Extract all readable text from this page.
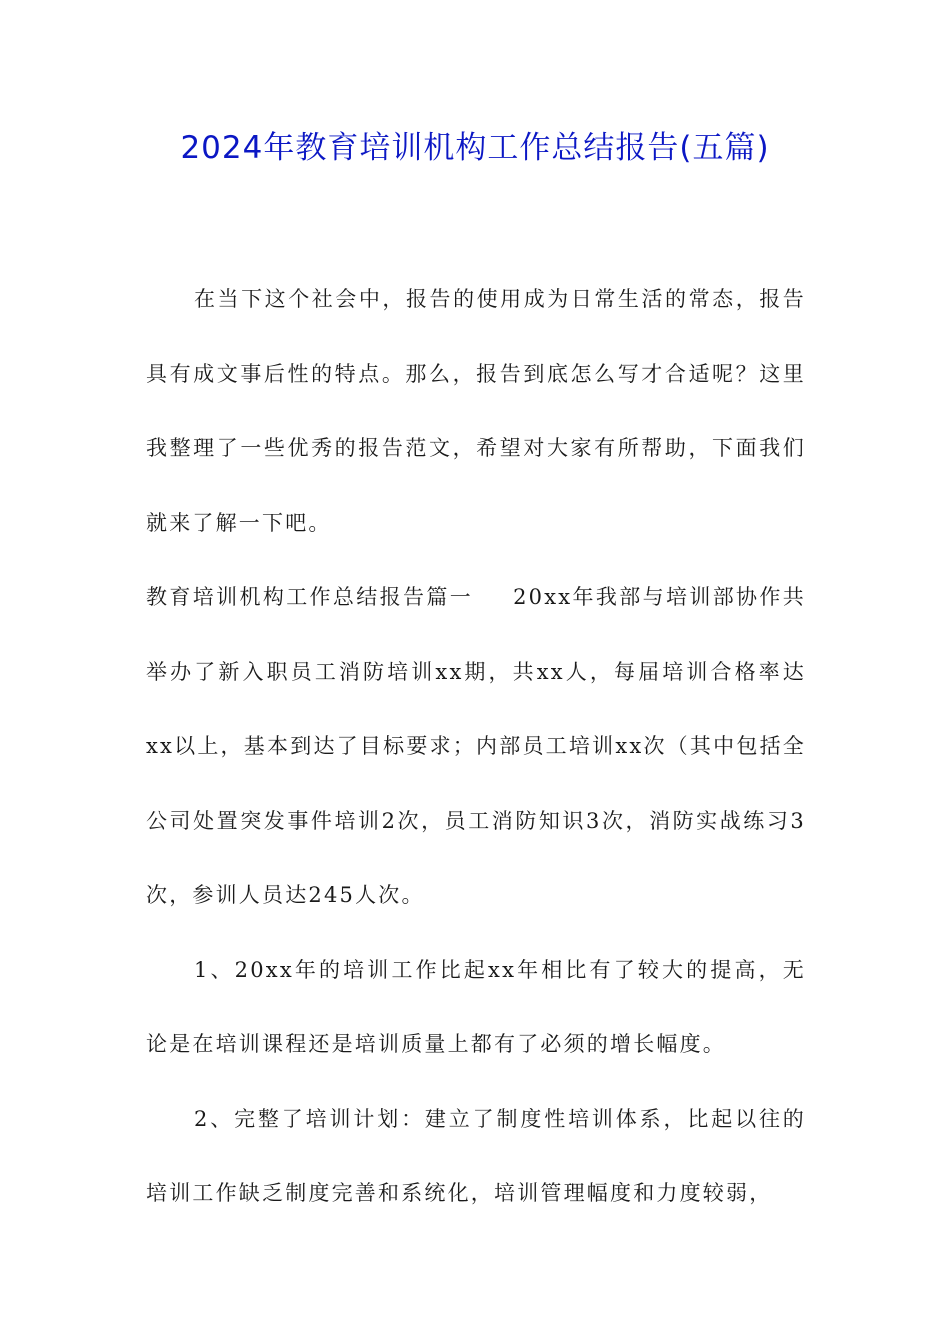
2024年教育培训机构工作总结报告(五篇)

在当下这个社会中，报告的使用成为日常生活的常态，报告具有成文事后性的特点。那么，报告到底怎么写才合适呢？这里我整理了一些优秀的报告范文，希望对大家有所帮助，下面我们就来了解一下吧。

教育培训机构工作总结报告篇一 20xx年我部与培训部协作共举办了新入职员工消防培训xx期，共xx人，每届培训合格率达xx以上，基本到达了目标要求；内部员工培训xx次（其中包括全公司处置突发事件培训2次，员工消防知识3次，消防实战练习3次，参训人员达245人次。

1、20xx年的培训工作比起xx年相比有了较大的提高，无论是在培训课程还是培训质量上都有了必须的增长幅度。

2、完整了培训计划：建立了制度性培训体系，比起以往的培训工作缺乏制度完善和系统化，培训管理幅度和力度较弱，
